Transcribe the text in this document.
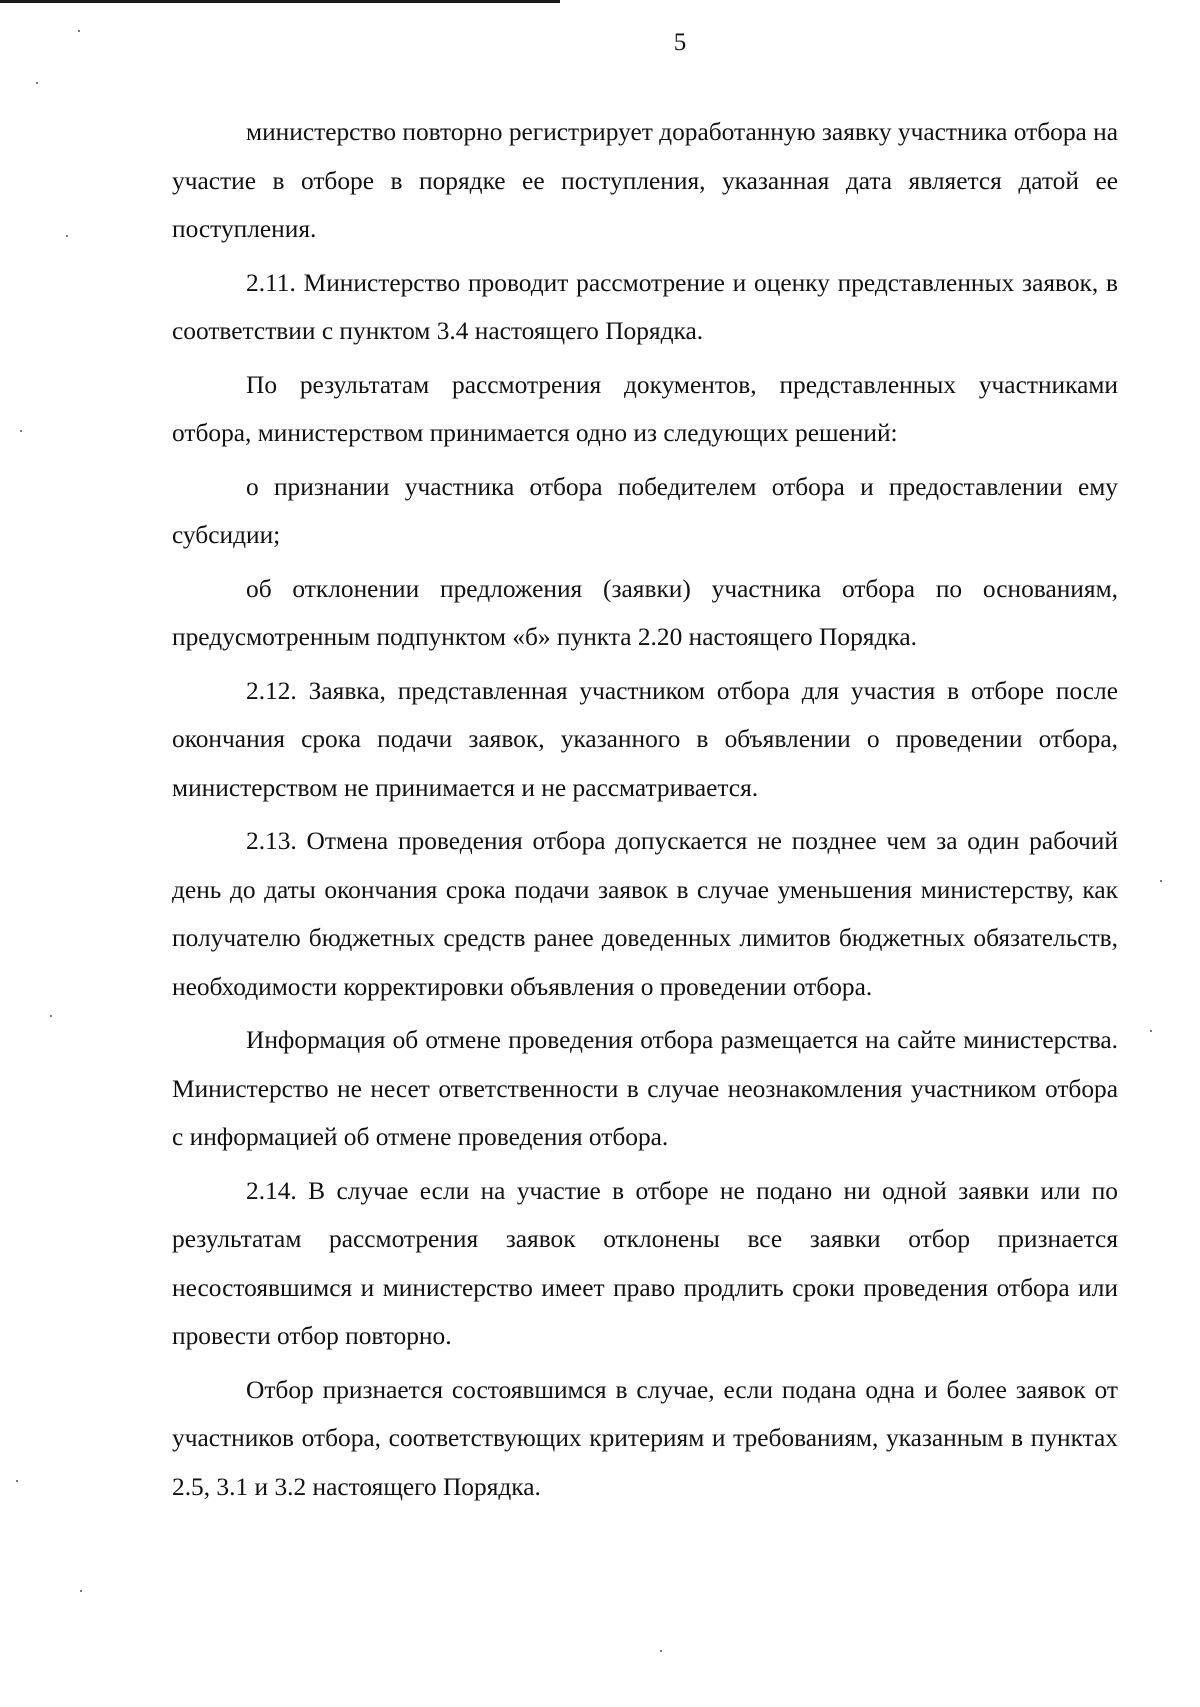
5

министерство повторно регистрирует доработанную заявку участника отбора на участие в отборе в порядке ее поступления, указанная дата является датой ее поступления.

2.11. Министерство проводит рассмотрение и оценку представленных заявок, в соответствии с пунктом 3.4 настоящего Порядка.

По результатам рассмотрения документов, представленных участниками отбора, министерством принимается одно из следующих решений:

о признании участника отбора победителем отбора и предоставлении ему субсидии;

об отклонении предложения (заявки) участника отбора по основаниям, предусмотренным подпунктом «б» пункта 2.20 настоящего Порядка.

2.12. Заявка, представленная участником отбора для участия в отборе после окончания срока подачи заявок, указанного в объявлении о проведении отбора, министерством не принимается и не рассматривается.

2.13. Отмена проведения отбора допускается не позднее чем за один рабочий день до даты окончания срока подачи заявок в случае уменьшения министерству, как получателю бюджетных средств ранее доведенных лимитов бюджетных обязательств, необходимости корректировки объявления о проведении отбора.

Информация об отмене проведения отбора размещается на сайте министерства. Министерство не несет ответственности в случае неознакомления участником отбора с информацией об отмене проведения отбора.

2.14. В случае если на участие в отборе не подано ни одной заявки или по результатам рассмотрения заявок отклонены все заявки отбор признается несостоявшимся и министерство имеет право продлить сроки проведения отбора или провести отбор повторно.

Отбор признается состоявшимся в случае, если подана одна и более заявок от участников отбора, соответствующих критериям и требованиям, указанным в пунктах 2.5, 3.1 и 3.2 настоящего Порядка.
